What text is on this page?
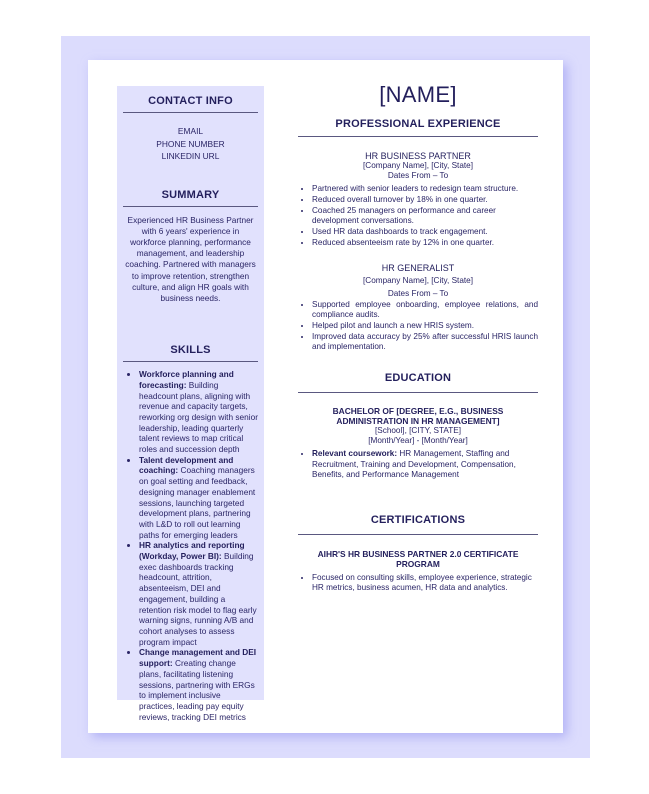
CONTACT INFO
EMAIL
PHONE NUMBER
LINKEDIN URL
SUMMARY
Experienced HR Business Partner with 6 years' experience in workforce planning, performance management, and leadership coaching. Partnered with managers to improve retention, strengthen culture, and align HR goals with business needs.
SKILLS
• Workforce planning and forecasting: Building headcount plans, aligning with revenue and capacity targets, reworking org design with senior leadership, leading quarterly talent reviews to map critical roles and succession depth
• Talent development and coaching: Coaching managers on goal setting and feedback, designing manager enablement sessions, launching targeted development plans, partnering with L&D to roll out learning paths for emerging leaders
• HR analytics and reporting (Workday, Power BI): Building exec dashboards tracking headcount, attrition, absenteeism, DEI and engagement, building a retention risk model to flag early warning signs, running A/B and cohort analyses to assess program impact
• Change management and DEI support: Creating change plans, facilitating listening sessions, partnering with ERGs to implement inclusive practices, leading pay equity reviews, tracking DEI metrics
[NAME]
PROFESSIONAL EXPERIENCE
HR BUSINESS PARTNER
[Company Name], [City, State]
Dates From – To
• Partnered with senior leaders to redesign team structure.
• Reduced overall turnover by 18% in one quarter.
• Coached 25 managers on performance and career development conversations.
• Used HR data dashboards to track engagement.
• Reduced absenteeism rate by 12% in one quarter.
HR GENERALIST
[Company Name], [City, State]
Dates From – To
• Supported employee onboarding, employee relations, and compliance audits.
• Helped pilot and launch a new HRIS system.
• Improved data accuracy by 25% after successful HRIS launch and implementation.
EDUCATION
BACHELOR OF [DEGREE, E.G., BUSINESS ADMINISTRATION IN HR MANAGEMENT]
[School], [CITY, STATE]
[Month/Year] - [Month/Year]
• Relevant coursework: HR Management, Staffing and Recruitment, Training and Development, Compensation, Benefits, and Performance Management
CERTIFICATIONS
AIHR'S HR BUSINESS PARTNER 2.0 CERTIFICATE PROGRAM
• Focused on consulting skills, employee experience, strategic HR metrics, business acumen, HR data and analytics.
